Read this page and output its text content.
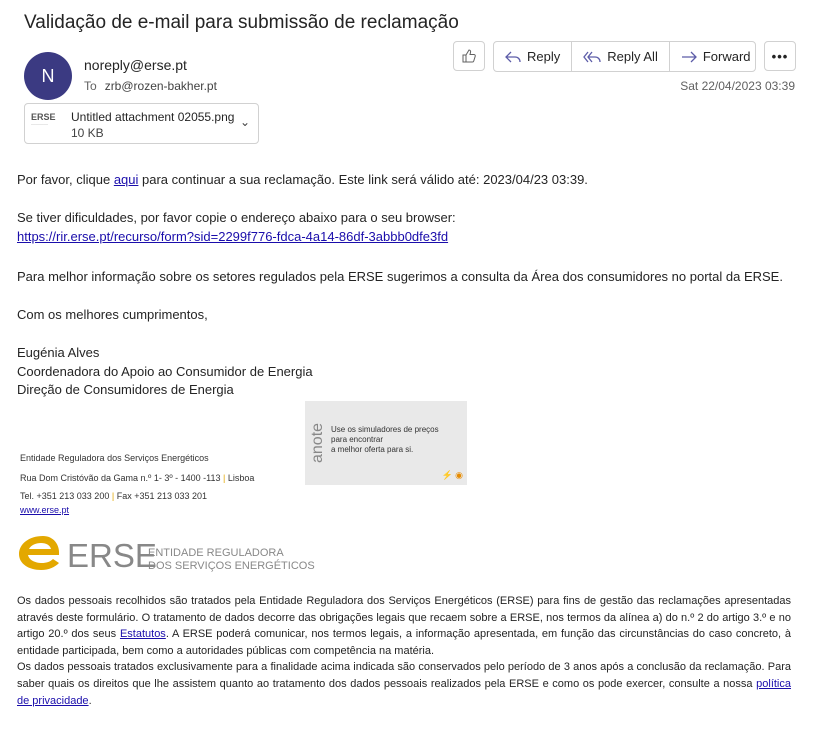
Validação de e-mail para submissão de reclamação
N
noreply@erse.pt
To zrb@rozen-bakher.pt	Sat 22/04/2023 03:39
Reply	Reply All	Forward •••
ERSE
────────	Untitled attachment 02055.png
10 KB
⌄
Por favor, clique aqui para continuar a sua reclamação. Este link será válido até: 2023/04/23 03:39.
Se tiver dificuldades, por favor copie o endereço abaixo para o seu browser:
https://rir.erse.pt/recurso/form?sid=2299f776-fdca-4a14-86df-3abbb0dfe3fd
Para melhor informação sobre os setores regulados pela ERSE sugerimos a consulta da Área dos consumidores no portal da ERSE.
Com os melhores cumprimentos,
Eugénia Alves
Coordenadora do Apoio ao Consumidor de Energia
Direção de Consumidores de Energia
anote Use os simuladores de preços
para encontrar
a melhor oferta para si.
⚡ ◉
Entidade Reguladora dos Serviços Energéticos
Rua Dom Cristóvão da Gama n.º 1- 3º - 1400 -113 | Lisboa
Tel. +351 213 033 200 | Fax +351 213 033 201
www.erse.pt
ERSE
ENTIDADE REGULADORA
DOS SERVIÇOS ENERGÉTICOS
Os dados pessoais recolhidos são tratados pela Entidade Reguladora dos Serviços Energéticos (ERSE) para fins de gestão das reclamações apresentadas através deste formulário. O tratamento de dados decorre das obrigações legais que recaem sobre a ERSE, nos termos da alínea a) do n.º 2 do artigo 3.º e no artigo 20.º dos seus Estatutos. A ERSE poderá comunicar, nos termos legais, a informação apresentada, em função das circunstâncias do caso concreto, à entidade participada, bem como a autoridades públicas com competência na matéria.
Os dados pessoais tratados exclusivamente para a finalidade acima indicada são conservados pelo período de 3 anos após a conclusão da reclamação. Para saber quais os direitos que lhe assistem quanto ao tratamento dos dados pessoais realizados pela ERSE e como os pode exercer, consulte a nossa política de privacidade.
